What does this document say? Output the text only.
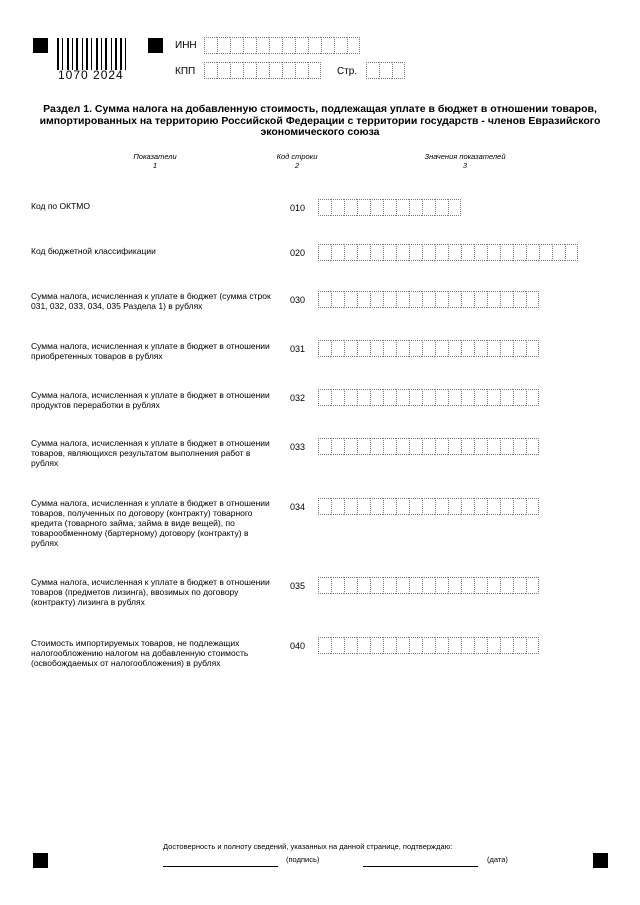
1070 2024
ИНН
КПП	Стр.
Раздел 1. Сумма налога на добавленную стоимость, подлежащая уплате в бюджет в отношении товаров, импортированных на территорию Российской Федерации с территории государств - членов Евразийского экономического союза
Показатели
1
Код строки
2
Значения показателей
3
Код по ОКТМО	010
Код бюджетной классификации	020
Сумма налога, исчисленная к уплате в бюджет (сумма строк 031, 032, 033, 034, 035 Раздела 1) в рублях
030
Сумма налога, исчисленная к уплате в бюджет в отношении приобретенных товаров в рублях
031
Сумма налога, исчисленная к уплате в бюджет в отношении продуктов переработки в рублях
032
Сумма налога, исчисленная к уплате в бюджет в отношении товаров, являющихся результатом выполнения работ в рублях
033
Сумма налога, исчисленная к уплате в бюджет в отношении товаров, полученных по договору (контракту) товарного кредита (товарного займа, займа в виде вещей), по товарообменному (бартерному) договору (контракту) в рублях
034
Сумма налога, исчисленная к уплате в бюджет в отношении товаров (предметов лизинга), ввозимых по договору (контракту) лизинга в рублях
035
Стоимость импортируемых товаров, не подлежащих налогообложению налогом на добавленную стоимость (освобождаемых от налогообложения) в рублях
040
Достоверность и полноту сведений, указанных на данной странице, подтверждаю:
(подпись)	(дата)
